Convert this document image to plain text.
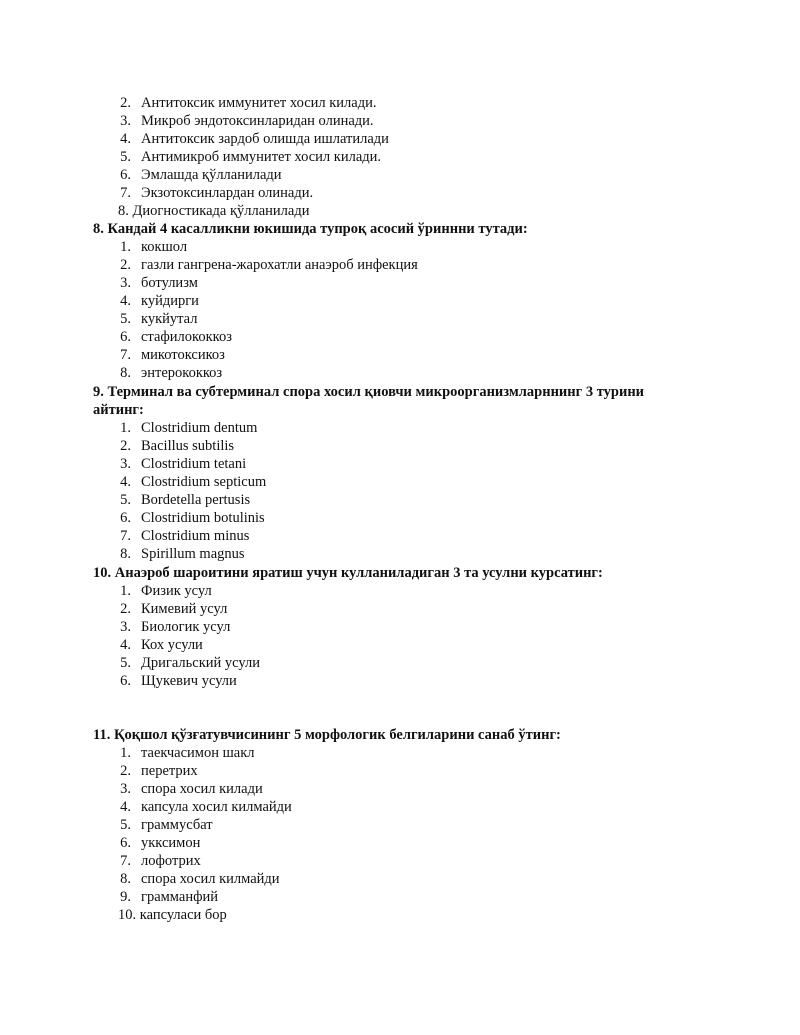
2. Антитоксик иммунитет хосил килади.
3. Микроб эндотоксинларидан олинади.
4. Антитоксик зардоб олишда ишлатилади
5. Антимикроб иммунитет хосил килади.
6. Эмлашда қўлланилади
7. Экзотоксинлардан олинади.
8. Диогностикада қўлланилади
8. Кандай 4 касалликни юкишида тупроқ асосий ўриннни тутади:
1. кокшол
2. газли гангрена-жарохатли анаэроб инфекция
3. ботулизм
4. куйдирги
5. кукйутал
6. стафилококкоз
7. микотоксикоз
8. энтерококкоз
9. Терминал ва субтерминал спора хосил қиовчи микроорганизмларннинг 3 турини
айтинг:
1. Clostridium dentum
2. Bacillus subtilis
3. Clostridium tetani
4. Clostridium septicum
5. Bordetella pertusis
6. Clostridium botulinis
7. Clostridium minus
8. Spirillum magnus
10. Анаэроб шароитини яратиш учун кулланиладиган 3 та усулни курсатинг:
1. Физик усул
2. Кимевий усул
3. Биологик усул
4. Кох усули
5. Дригальский усули
6. Щукевич усули
11. Қоқшол қўзғатувчисининг 5 морфологик белгиларини санаб ўтинг:
1. таекчасимон шакл
2. перетрих
3. спора хосил килади
4. капсула хосил килмайди
5. граммусбат
6. укксимон
7. лофотрих
8. спора хосил килмайди
9. грамманфий
10. капсуласи бор
